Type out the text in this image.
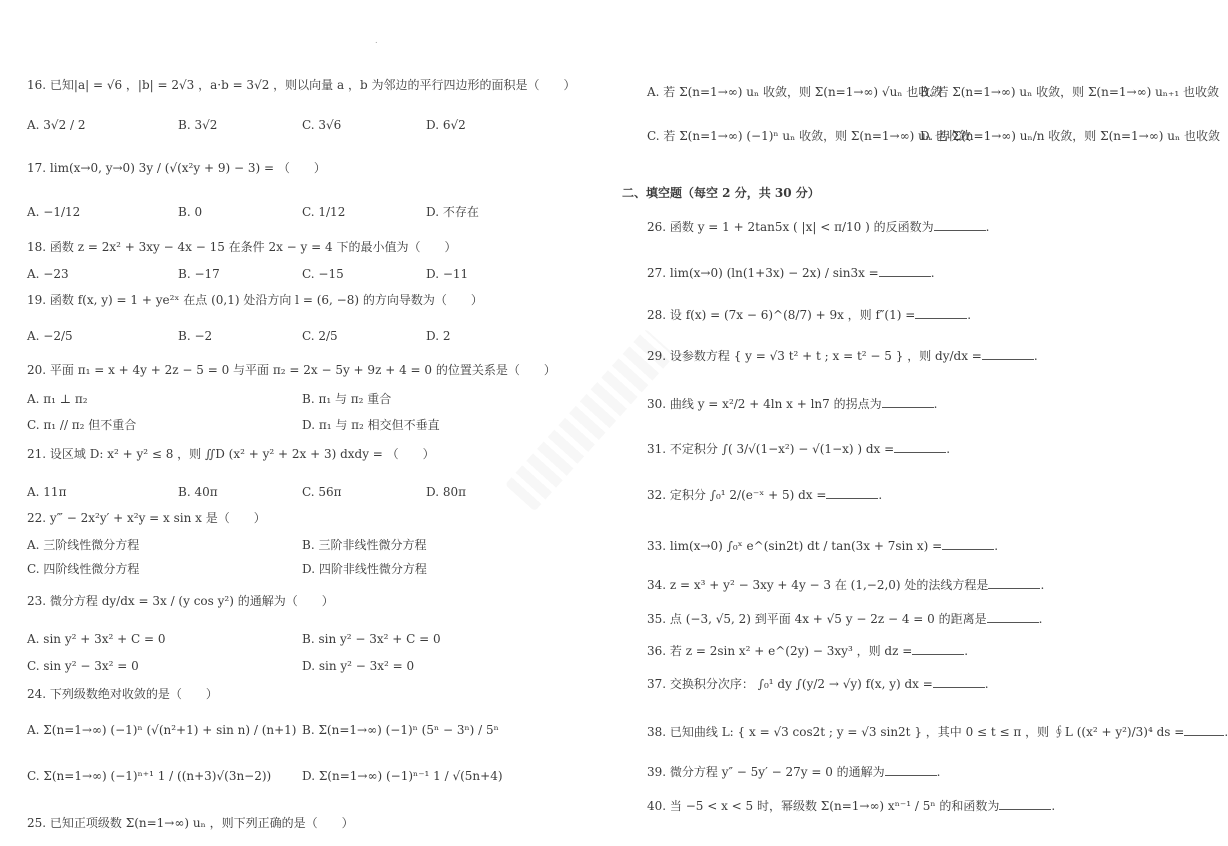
.
16. 已知|a| = √6 ，|b| = 2√3 ，a·b = 3√2 ，则以向量 a ，b 为邻边的平行四边形的面积是（　　）
A. 3√2 / 2	B. 3√2	C. 3√6	D. 6√2
17. lim(x→0, y→0) 3y / (√(x²y + 9) − 3) = （　　）
A. −1/12	B. 0	C. 1/12	D. 不存在
18. 函数 z = 2x² + 3xy − 4x − 15 在条件 2x − y = 4 下的最小值为（　　）
A. −23	B. −17	C. −15	D. −11
19. 函数 f(x, y) = 1 + ye²ˣ 在点 (0,1) 处沿方向 l = (6, −8) 的方向导数为（　　）
A. −2/5	B. −2	C. 2/5	D. 2
20. 平面 π₁ = x + 4y + 2z − 5 = 0 与平面 π₂ = 2x − 5y + 9z + 4 = 0 的位置关系是（　　）
A. π₁ ⊥ π₂	B. π₁ 与 π₂ 重合
C. π₁ // π₂ 但不重合	D. π₁ 与 π₂ 相交但不垂直
21. 设区域 D: x² + y² ≤ 8 ，则 ∬D (x² + y² + 2x + 3) dxdy = （　　）
A. 11π	B. 40π	C. 56π	D. 80π
22. y‴ − 2x²y′ + x²y = x sin x 是（　　）
A. 三阶线性微分方程	B. 三阶非线性微分方程
C. 四阶线性微分方程	D. 四阶非线性微分方程
23. 微分方程 dy/dx = 3x / (y cos y²) 的通解为（　　）
A. sin y² + 3x² + C = 0	B. sin y² − 3x² + C = 0
C. sin y² − 3x² = 0	D. sin y² − 3x² = 0
24. 下列级数绝对收敛的是（　　）
A. Σ(n=1→∞) (−1)ⁿ (√(n²+1) + sin n) / (n+1) B. Σ(n=1→∞) (−1)ⁿ (5ⁿ − 3ⁿ) / 5ⁿ
C. Σ(n=1→∞) (−1)ⁿ⁺¹ 1 / ((n+3)√(3n−2))	D. Σ(n=1→∞) (−1)ⁿ⁻¹ 1 / √(5n+4)
25. 已知正项级数 Σ(n=1→∞) uₙ ，则下列正确的是（　　）
A. 若 Σ(n=1→∞) uₙ 收敛，则 Σ(n=1→∞) √uₙ 也收敛
B. 若 Σ(n=1→∞) uₙ 收敛，则 Σ(n=1→∞) uₙ₊₁ 也收敛
C. 若 Σ(n=1→∞) (−1)ⁿ uₙ 收敛，则 Σ(n=1→∞) uₙ 也收敛
D. 若 Σ(n=1→∞) uₙ/n 收敛，则 Σ(n=1→∞) uₙ 也收敛
二、填空题（每空 2 分，共 30 分）
26. 函数 y = 1 + 2tan5x ( |x| < π/10 ) 的反函数为	.
27. lim(x→0) (ln(1+3x) − 2x) / sin3x =	.
28. 设 f(x) = (7x − 6)^(8/7) + 9x ，则 f″(1) =	.
29. 设参数方程 { y = √3 t² + t ; x = t² − 5 } ，则 dy/dx =	.
30. 曲线 y = x²/2 + 4ln x + ln7 的拐点为	.
31. 不定积分 ∫( 3/√(1−x²) − √(1−x) ) dx =	.
32. 定积分 ∫₀¹ 2/(e⁻ˣ + 5) dx =	.
33. lim(x→0) ∫₀ˣ e^(sin2t) dt / tan(3x + 7sin x) =	.
34. z = x³ + y² − 3xy + 4y − 3 在 (1,−2,0) 处的法线方程是	.
35. 点 (−3, √5, 2) 到平面 4x + √5 y − 2z − 4 = 0 的距离是	.
36. 若 z = 2sin x² + e^(2y) − 3xy³ ，则 dz =	.
37. 交换积分次序： ∫₀¹ dy ∫(y/2 → √y) f(x, y) dx =	.
38. 已知曲线 L: { x = √3 cos2t ; y = √3 sin2t } ，其中 0 ≤ t ≤ π ，则 ∮L ((x² + y²)/3)⁴ ds =	.
39. 微分方程 y″ − 5y′ − 27y = 0 的通解为	.
40. 当 −5 < x < 5 时，幂级数 Σ(n=1→∞) xⁿ⁻¹ / 5ⁿ 的和函数为	.
